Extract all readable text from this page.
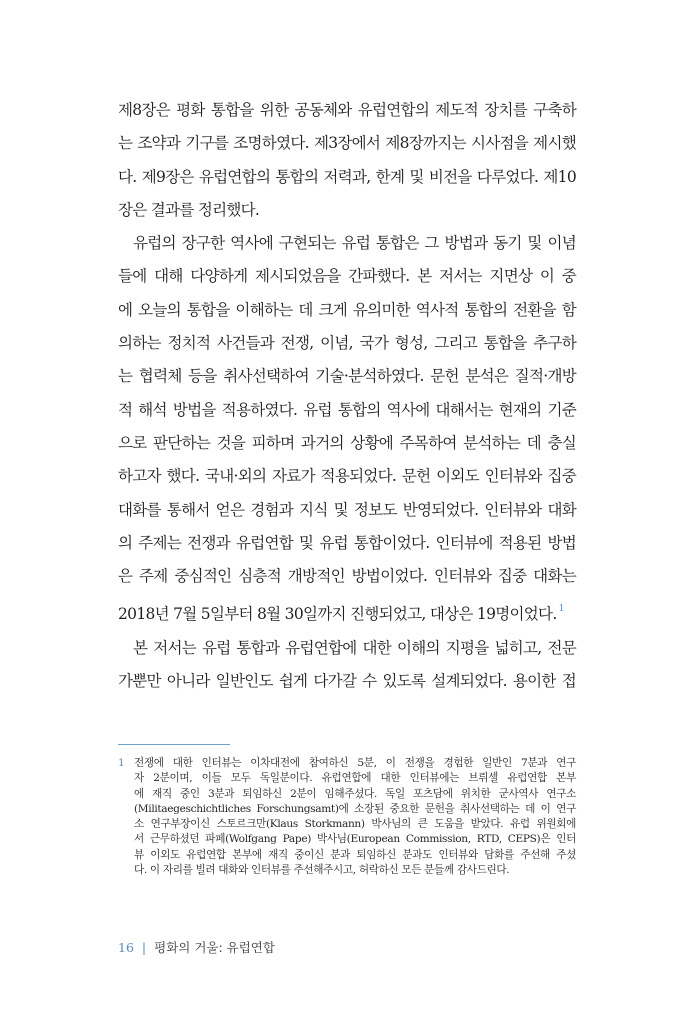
제8장은 평화 통합을 위한 공동체와 유럽연합의 제도적 장치를 구축하
는 조약과 기구를 조명하였다. 제3장에서 제8장까지는 시사점을 제시했
다. 제9장은 유럽연합의 통합의 저력과, 한계 및 비전을 다루었다. 제10
장은 결과를 정리했다.
유럽의 장구한 역사에 구현되는 유럽 통합은 그 방법과 동기 및 이념
들에 대해 다양하게 제시되었음을 간파했다. 본 저서는 지면상 이 중
에 오늘의 통합을 이해하는 데 크게 유의미한 역사적 통합의 전환을 함
의하는 정치적 사건들과 전쟁, 이념, 국가 형성, 그리고 통합을 추구하
는 협력체 등을 취사선택하여 기술·분석하였다. 문헌 분석은 질적·개방
적 해석 방법을 적용하였다. 유럽 통합의 역사에 대해서는 현재의 기준
으로 판단하는 것을 피하며 과거의 상황에 주목하여 분석하는 데 충실
하고자 했다. 국내·외의 자료가 적용되었다. 문헌 이외도 인터뷰와 집중
대화를 통해서 얻은 경험과 지식 및 정보도 반영되었다. 인터뷰와 대화
의 주제는 전쟁과 유럽연합 및 유럽 통합이었다. 인터뷰에 적용된 방법
은 주제 중심적인 심층적 개방적인 방법이었다. 인터뷰와 집중 대화는
2018년 7월 5일부터 8월 30일까지 진행되었고, 대상은 19명이었다. $^1$
본 저서는 유럽 통합과 유럽연합에 대한 이해의 지평을 넓히고, 전문
가뿐만 아니라 일반인도 쉽게 다가갈 수 있도록 설계되었다. 용이한 접
1 전쟁에 대한 인터뷰는 이차대전에 참여하신 5분, 이 전쟁을 경험한 일반인 7분과 연구
자 2분이며, 이들 모두 독일분이다. 유럽연합에 대한 인터뷰에는 브뤼셀 유럽연합 본부
에 재직 중인 3분과 퇴임하신 2분이 임해주셨다. 독일 포츠담에 위치한 군사역사 연구소
(Militaegeschichtliches Forschungsamt)에 소장된 중요한 문헌을 취사선택하는 데 이 연구
소 연구부장이신 스토르크만(Klaus Storkmann) 박사님의 큰 도움을 받았다. 유럽 위원회에
서 근무하셨던 파페(Wolfgang Pape) 박사님(European Commission, RTD, CEPS)은 인터
뷰 이외도 유럽연합 본부에 재직 중이신 분과 퇴임하신 분과도 인터뷰와 담화를 주선해 주셨
다. 이 자리를 빌려 대화와 인터뷰를 주선해주시고, 허락하신 모든 분들께 감사드린다.
16 | 평화의 거울: 유럽연합
